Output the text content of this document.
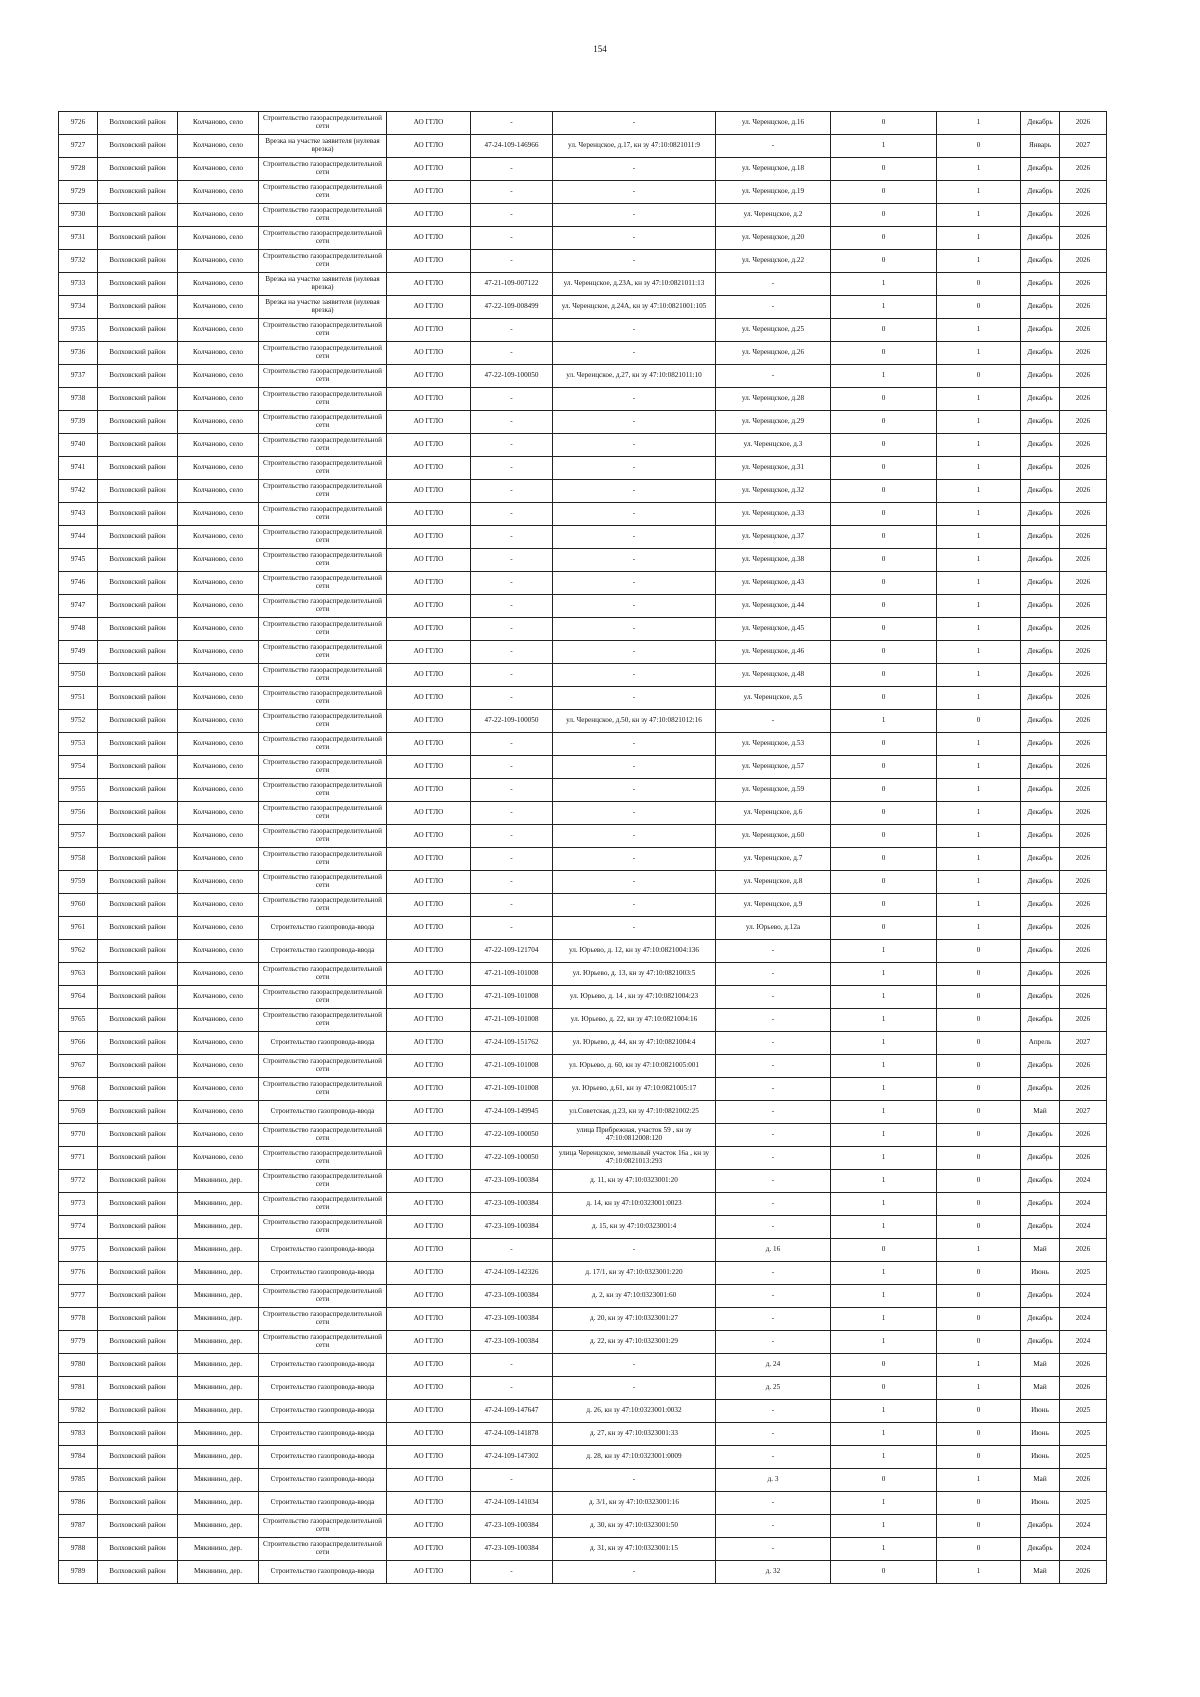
154
9726	Волховский район	Колчаново, село	Строительство газораспределительной сети	АО ГГЛО	-	-	ул. Черенцское, д.16	0	1	Декабрь	2026
9727	Волховский район	Колчаново, село	Врезка на участке заявителя (нулевая врезка)	АО ГГЛО	47-24-109-146966	ул. Черенцское, д.17, кн зу 47:10:0821011:9	-	1	0	Январь	2027
9728	Волховский район	Колчаново, село	Строительство газораспределительной сети	АО ГГЛО	-	-	ул. Черенцское, д.18	0	1	Декабрь	2026
9729	Волховский район	Колчаново, село	Строительство газораспределительной сети	АО ГГЛО	-	-	ул. Черенцское, д.19	0	1	Декабрь	2026
9730	Волховский район	Колчаново, село	Строительство газораспределительной сети	АО ГГЛО	-	-	ул. Черенцское, д.2	0	1	Декабрь	2026
9731	Волховский район	Колчаново, село	Строительство газораспределительной сети	АО ГГЛО	-	-	ул. Черенцское, д.20	0	1	Декабрь	2026
9732	Волховский район	Колчаново, село	Строительство газораспределительной сети	АО ГГЛО	-	-	ул. Черенцское, д.22	0	1	Декабрь	2026
9733	Волховский район	Колчаново, село	Врезка на участке заявителя (нулевая врезка)	АО ГГЛО	47-21-109-007122	ул. Черенцское, д.23А, кн зу 47:10:0821011:13	-	1	0	Декабрь	2026
9734	Волховский район	Колчаново, село	Врезка на участке заявителя (нулевая врезка)	АО ГГЛО	47-22-109-008499	ул. Черенцское, д.24А, кн зу 47:10:0821001:105	-	1	0	Декабрь	2026
9735	Волховский район	Колчаново, село	Строительство газораспределительной сети	АО ГГЛО	-	-	ул. Черенцское, д.25	0	1	Декабрь	2026
9736	Волховский район	Колчаново, село	Строительство газораспределительной сети	АО ГГЛО	-	-	ул. Черенцское, д.26	0	1	Декабрь	2026
9737	Волховский район	Колчаново, село	Строительство газораспределительной сети	АО ГГЛО	47-22-109-100050	ул. Черенцское, д.27, кн зу 47:10:0821011:10	-	1	0	Декабрь	2026
9738	Волховский район	Колчаново, село	Строительство газораспределительной сети	АО ГГЛО	-	-	ул. Черенцское, д.28	0	1	Декабрь	2026
9739	Волховский район	Колчаново, село	Строительство газораспределительной сети	АО ГГЛО	-	-	ул. Черенцское, д.29	0	1	Декабрь	2026
9740	Волховский район	Колчаново, село	Строительство газораспределительной сети	АО ГГЛО	-	-	ул. Черенцское, д.3	0	1	Декабрь	2026
9741	Волховский район	Колчаново, село	Строительство газораспределительной сети	АО ГГЛО	-	-	ул. Черенцское, д.31	0	1	Декабрь	2026
9742	Волховский район	Колчаново, село	Строительство газораспределительной сети	АО ГГЛО	-	-	ул. Черенцское, д.32	0	1	Декабрь	2026
9743	Волховский район	Колчаново, село	Строительство газораспределительной сети	АО ГГЛО	-	-	ул. Черенцское, д.33	0	1	Декабрь	2026
9744	Волховский район	Колчаново, село	Строительство газораспределительной сети	АО ГГЛО	-	-	ул. Черенцское, д.37	0	1	Декабрь	2026
9745	Волховский район	Колчаново, село	Строительство газораспределительной сети	АО ГГЛО	-	-	ул. Черенцское, д.38	0	1	Декабрь	2026
9746	Волховский район	Колчаново, село	Строительство газораспределительной сети	АО ГГЛО	-	-	ул. Черенцское, д.43	0	1	Декабрь	2026
9747	Волховский район	Колчаново, село	Строительство газораспределительной сети	АО ГГЛО	-	-	ул. Черенцское, д.44	0	1	Декабрь	2026
9748	Волховский район	Колчаново, село	Строительство газораспределительной сети	АО ГГЛО	-	-	ул. Черенцское, д.45	0	1	Декабрь	2026
9749	Волховский район	Колчаново, село	Строительство газораспределительной сети	АО ГГЛО	-	-	ул. Черенцское, д.46	0	1	Декабрь	2026
9750	Волховский район	Колчаново, село	Строительство газораспределительной сети	АО ГГЛО	-	-	ул. Черенцское, д.48	0	1	Декабрь	2026
9751	Волховский район	Колчаново, село	Строительство газораспределительной сети	АО ГГЛО	-	-	ул. Черенцское, д.5	0	1	Декабрь	2026
9752	Волховский район	Колчаново, село	Строительство газораспределительной сети	АО ГГЛО	47-22-109-100050	ул. Черенцское, д.50, кн зу 47:10:0821012:16	-	1	0	Декабрь	2026
9753	Волховский район	Колчаново, село	Строительство газораспределительной сети	АО ГГЛО	-	-	ул. Черенцское, д.53	0	1	Декабрь	2026
9754	Волховский район	Колчаново, село	Строительство газораспределительной сети	АО ГГЛО	-	-	ул. Черенцское, д.57	0	1	Декабрь	2026
9755	Волховский район	Колчаново, село	Строительство газораспределительной сети	АО ГГЛО	-	-	ул. Черенцское, д.59	0	1	Декабрь	2026
9756	Волховский район	Колчаново, село	Строительство газораспределительной сети	АО ГГЛО	-	-	ул. Черенцское, д.6	0	1	Декабрь	2026
9757	Волховский район	Колчаново, село	Строительство газораспределительной сети	АО ГГЛО	-	-	ул. Черенцское, д.60	0	1	Декабрь	2026
9758	Волховский район	Колчаново, село	Строительство газораспределительной сети	АО ГГЛО	-	-	ул. Черенцское, д.7	0	1	Декабрь	2026
9759	Волховский район	Колчаново, село	Строительство газораспределительной сети	АО ГГЛО	-	-	ул. Черенцское, д.8	0	1	Декабрь	2026
9760	Волховский район	Колчаново, село	Строительство газораспределительной сети	АО ГГЛО	-	-	ул. Черенцское, д.9	0	1	Декабрь	2026
9761	Волховский район	Колчаново, село	Строительство газопровода-ввода	АО ГГЛО	-	-	ул. Юрьево, д.12а	0	1	Декабрь	2026
9762	Волховский район	Колчаново, село	Строительство газопровода-ввода	АО ГГЛО	47-22-109-121704	ул. Юрьево, д. 12, кн зу 47:10:0821004:136	-	1	0	Декабрь	2026
9763	Волховский район	Колчаново, село	Строительство газораспределительной сети	АО ГГЛО	47-21-109-101008	ул. Юрьево, д. 13, кн зу 47:10:0821003:5	-	1	0	Декабрь	2026
9764	Волховский район	Колчаново, село	Строительство газораспределительной сети	АО ГГЛО	47-21-109-101008	ул. Юрьево, д. 14 , кн зу 47:10:0821004:23	-	1	0	Декабрь	2026
9765	Волховский район	Колчаново, село	Строительство газораспределительной сети	АО ГГЛО	47-21-109-101008	ул. Юрьево, д. 22, кн зу 47:10:0821004:16	-	1	0	Декабрь	2026
9766	Волховский район	Колчаново, село	Строительство газопровода-ввода	АО ГГЛО	47-24-109-151762	ул. Юрьево, д. 44, кн зу 47:10:0821004:4	-	1	0	Апрель	2027
9767	Волховский район	Колчаново, село	Строительство газораспределительной сети	АО ГГЛО	47-21-109-101008	ул. Юрьево, д. 60, кн зу 47:10:0821005:001	-	1	0	Декабрь	2026
9768	Волховский район	Колчаново, село	Строительство газораспределительной сети	АО ГГЛО	47-21-109-101008	ул. Юрьево, д.61, кн зу 47:10:0821005:17	-	1	0	Декабрь	2026
9769	Волховский район	Колчаново, село	Строительство газопровода-ввода	АО ГГЛО	47-24-109-149945	ул.Советская, д.23, кн зу 47:10:0821002:25	-	1	0	Май	2027
9770	Волховский район	Колчаново, село	Строительство газораспределительной сети	АО ГГЛО	47-22-109-100050	улица Прибрежная, участок 59 , кн зу 47:10:0812008:120	-	1	0	Декабрь	2026
9771	Волховский район	Колчаново, село	Строительство газораспределительной сети	АО ГГЛО	47-22-109-100050	улица Черенцское, земельный участок 16а , кн зу 47:10:0821013:293	-	1	0	Декабрь	2026
9772	Волховский район	Мякинино, дер.	Строительство газораспределительной сети	АО ГГЛО	47-23-109-100384	д. 11, кн зу 47:10:0323001:20	-	1	0	Декабрь	2024
9773	Волховский район	Мякинино, дер.	Строительство газораспределительной сети	АО ГГЛО	47-23-109-100384	д. 14, кн зу 47:10:0323001:0023	-	1	0	Декабрь	2024
9774	Волховский район	Мякинино, дер.	Строительство газораспределительной сети	АО ГГЛО	47-23-109-100384	д. 15, кн зу 47:10:0323001:4	-	1	0	Декабрь	2024
9775	Волховский район	Мякинино, дер.	Строительство газопровода-ввода	АО ГГЛО	-	-	д. 16	0	1	Май	2026
9776	Волховский район	Мякинино, дер.	Строительство газопровода-ввода	АО ГГЛО	47-24-109-142326	д. 17/1, кн зу 47:10:0323001:220	-	1	0	Июнь	2025
9777	Волховский район	Мякинино, дер.	Строительство газораспределительной сети	АО ГГЛО	47-23-109-100384	д. 2, кн зу 47:10:0323001:60	-	1	0	Декабрь	2024
9778	Волховский район	Мякинино, дер.	Строительство газораспределительной сети	АО ГГЛО	47-23-109-100384	д. 20, кн зу 47:10:0323001:27	-	1	0	Декабрь	2024
9779	Волховский район	Мякинино, дер.	Строительство газораспределительной сети	АО ГГЛО	47-23-109-100384	д. 22, кн зу 47:10:0323001:29	-	1	0	Декабрь	2024
9780	Волховский район	Мякинино, дер.	Строительство газопровода-ввода	АО ГГЛО	-	-	д. 24	0	1	Май	2026
9781	Волховский район	Мякинино, дер.	Строительство газопровода-ввода	АО ГГЛО	-	-	д. 25	0	1	Май	2026
9782	Волховский район	Мякинино, дер.	Строительство газопровода-ввода	АО ГГЛО	47-24-109-147647	д. 26, кн зу 47:10:0323001:0032	-	1	0	Июнь	2025
9783	Волховский район	Мякинино, дер.	Строительство газопровода-ввода	АО ГГЛО	47-24-109-141878	д. 27, кн зу 47:10:0323001:33	-	1	0	Июнь	2025
9784	Волховский район	Мякинино, дер.	Строительство газопровода-ввода	АО ГГЛО	47-24-109-147302	д. 28, кн зу 47:10:0323001:0009	-	1	0	Июнь	2025
9785	Волховский район	Мякинино, дер.	Строительство газопровода-ввода	АО ГГЛО	-	-	д. 3	0	1	Май	2026
9786	Волховский район	Мякинино, дер.	Строительство газопровода-ввода	АО ГГЛО	47-24-109-141034	д. 3/1, кн зу 47:10:0323001:16	-	1	0	Июнь	2025
9787	Волховский район	Мякинино, дер.	Строительство газораспределительной сети	АО ГГЛО	47-23-109-100384	д. 30, кн зу 47:10:0323001:50	-	1	0	Декабрь	2024
9788	Волховский район	Мякинино, дер.	Строительство газораспределительной сети	АО ГГЛО	47-23-109-100384	д. 31, кн зу 47:10:0323001:15	-	1	0	Декабрь	2024
9789	Волховский район	Мякинино, дер.	Строительство газопровода-ввода	АО ГГЛО	-	-	д. 32	0	1	Май	2026
